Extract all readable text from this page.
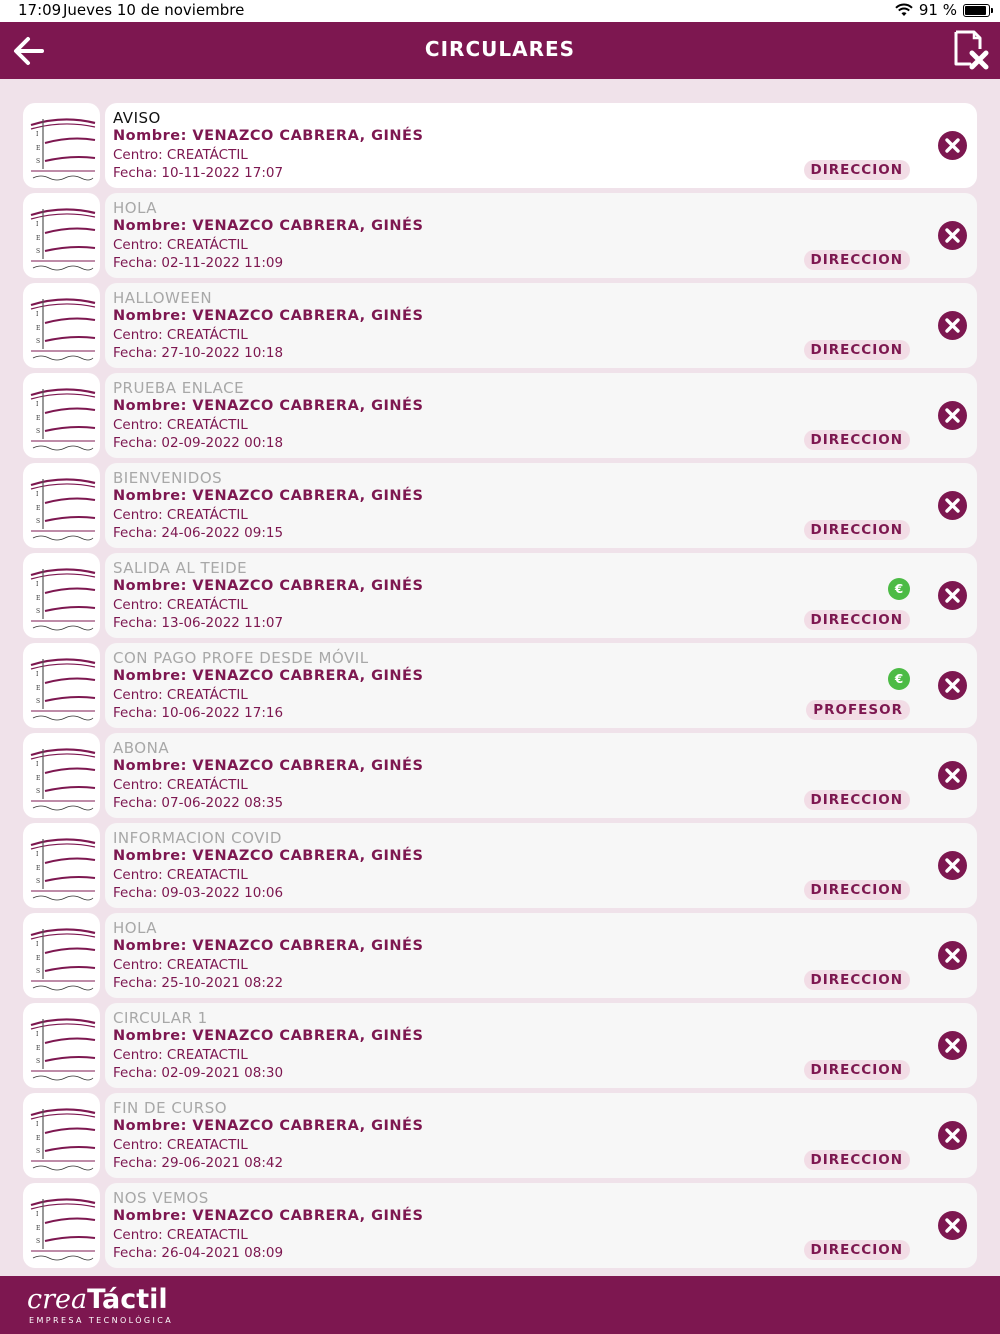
17:09 Jueves 10 de noviembre	91 %
CIRCULARES
I
E
S
AVISO
Nombre: VENAZCO CABRERA, GINÉS
Centro: CREATÁCTIL
Fecha: 10-11-2022 17:07	DIRECCION
I
E
S
HOLA
Nombre: VENAZCO CABRERA, GINÉS
Centro: CREATÁCTIL
Fecha: 02-11-2022 11:09	DIRECCION
I
E
S
HALLOWEEN
Nombre: VENAZCO CABRERA, GINÉS
Centro: CREATÁCTIL
Fecha: 27-10-2022 10:18	DIRECCION
I
E
S
PRUEBA ENLACE
Nombre: VENAZCO CABRERA, GINÉS
Centro: CREATÁCTIL
Fecha: 02-09-2022 00:18	DIRECCION
I
E
S
BIENVENIDOS
Nombre: VENAZCO CABRERA, GINÉS
Centro: CREATÁCTIL
Fecha: 24-06-2022 09:15	DIRECCION
I
E
S
SALIDA AL TEIDE
Nombre: VENAZCO CABRERA, GINÉS
Centro: CREATÁCTIL
Fecha: 13-06-2022 11:07
€
DIRECCION
I
E
S
CON PAGO PROFE DESDE MÓVIL
Nombre: VENAZCO CABRERA, GINÉS
Centro: CREATÁCTIL
Fecha: 10-06-2022 17:16
€
PROFESOR
I
E
S
ABONA
Nombre: VENAZCO CABRERA, GINÉS
Centro: CREATÁCTIL
Fecha: 07-06-2022 08:35	DIRECCION
I
E
S
INFORMACION COVID
Nombre: VENAZCO CABRERA, GINÉS
Centro: CREATACTIL
Fecha: 09-03-2022 10:06	DIRECCION
I
E
S
HOLA
Nombre: VENAZCO CABRERA, GINÉS
Centro: CREATACTIL
Fecha: 25-10-2021 08:22	DIRECCION
I
E
S
CIRCULAR 1
Nombre: VENAZCO CABRERA, GINÉS
Centro: CREATACTIL
Fecha: 02-09-2021 08:30	DIRECCION
I
E
S
FIN DE CURSO
Nombre: VENAZCO CABRERA, GINÉS
Centro: CREATACTIL
Fecha: 29-06-2021 08:42	DIRECCION
I
E
S
NOS VEMOS
Nombre: VENAZCO CABRERA, GINÉS
Centro: CREATACTIL
Fecha: 26-04-2021 08:09	DIRECCION
creaTáctil
EMPRESA TECNOLÓGICA
